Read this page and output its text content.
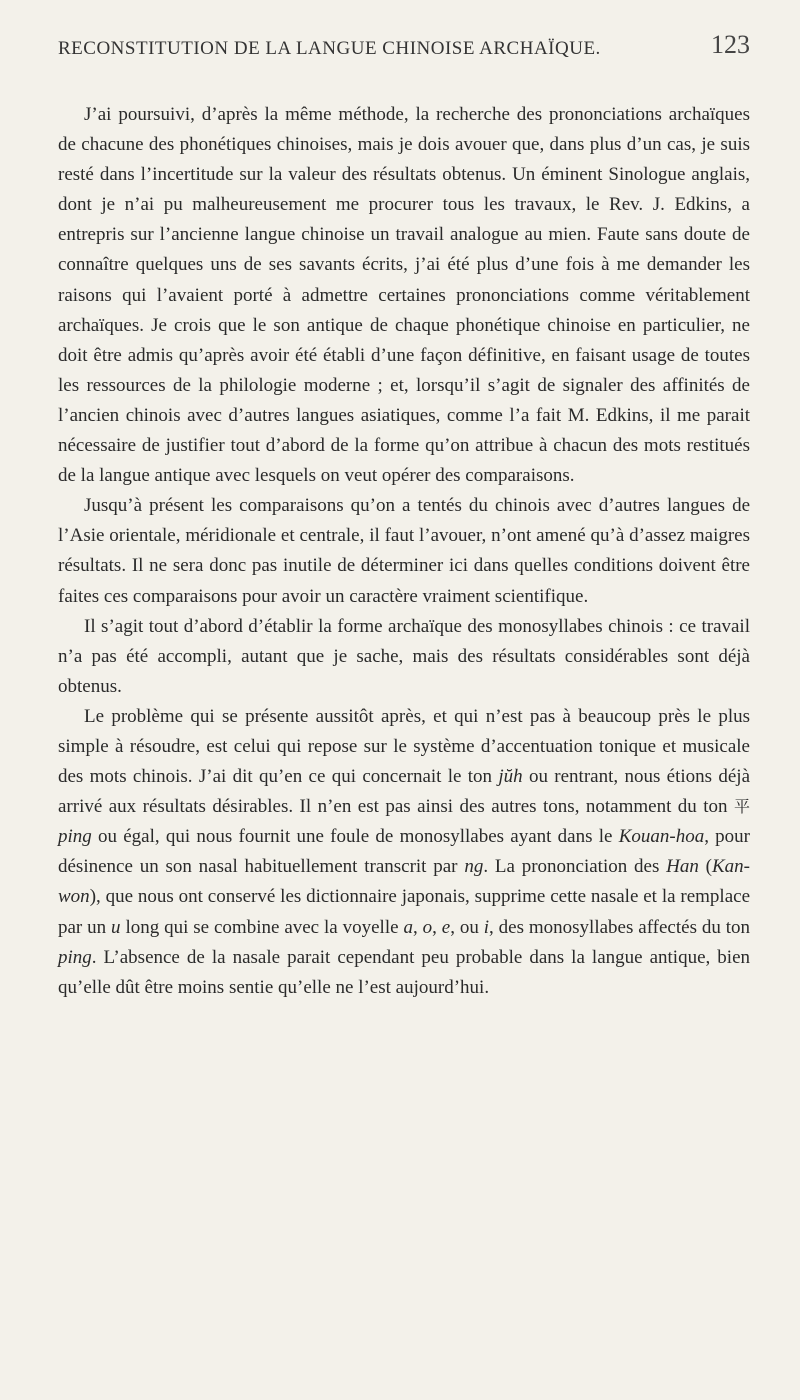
RECONSTITUTION DE LA LANGUE CHINOISE ARCHAÏQUE.	123

J’ai poursuivi, d’après la même méthode, la recherche des prononciations archaïques de chacune des phonétiques chinoises, mais je dois avouer que, dans plus d’un cas, je suis resté dans l’incertitude sur la valeur des résultats obtenus. Un éminent Sinologue anglais, dont je n’ai pu malheureusement me procurer tous les travaux, le Rev. J. Edkins, a entrepris sur l’ancienne langue chinoise un travail analogue au mien. Faute sans doute de connaître quelques uns de ses savants écrits, j’ai été plus d’une fois à me demander les raisons qui l’avaient porté à admettre certaines prononciations comme véritablement archaïques. Je crois que le son antique de chaque phonétique chinoise en particulier, ne doit être admis qu’après avoir été établi d’une façon définitive, en faisant usage de toutes les ressources de la philologie moderne ; et, lorsqu’il s’agit de signaler des affinités de l’ancien chinois avec d’autres langues asiatiques, comme l’a fait M. Edkins, il me parait nécessaire de justifier tout d’abord de la forme qu’on attribue à chacun des mots restitués de la langue antique avec lesquels on veut opérer des comparaisons.

Jusqu’à présent les comparaisons qu’on a tentés du chinois avec d’autres langues de l’Asie orientale, méridionale et centrale, il faut l’avouer, n’ont amené qu’à d’assez maigres résultats. Il ne sera donc pas inutile de déterminer ici dans quelles conditions doivent être faites ces comparaisons pour avoir un caractère vraiment scientifique.

Il s’agit tout d’abord d’établir la forme archaïque des monosyllabes chinois : ce travail n’a pas été accompli, autant que je sache, mais des résultats considérables sont déjà obtenus.

Le problème qui se présente aussitôt après, et qui n’est pas à beaucoup près le plus simple à résoudre, est celui qui repose sur le système d’accentuation tonique et musicale des mots chinois. J’ai dit qu’en ce qui concernait le ton jŭh ou rentrant, nous étions déjà arrivé aux résultats désirables. Il n’en est pas ainsi des autres tons, notamment du ton 平 ping ou égal, qui nous fournit une foule de monosyllabes ayant dans le Kouan-hoa, pour désinence un son nasal habituellement transcrit par ng. La prononciation des Han (Kan-won), que nous ont conservé les dictionnaire japonais, supprime cette nasale et la remplace par un u long qui se combine avec la voyelle a, o, e, ou i, des monosyllabes affectés du ton ping. L’absence de la nasale parait cependant peu probable dans la langue antique, bien qu’elle dût être moins sentie qu’elle ne l’est aujourd’hui.
